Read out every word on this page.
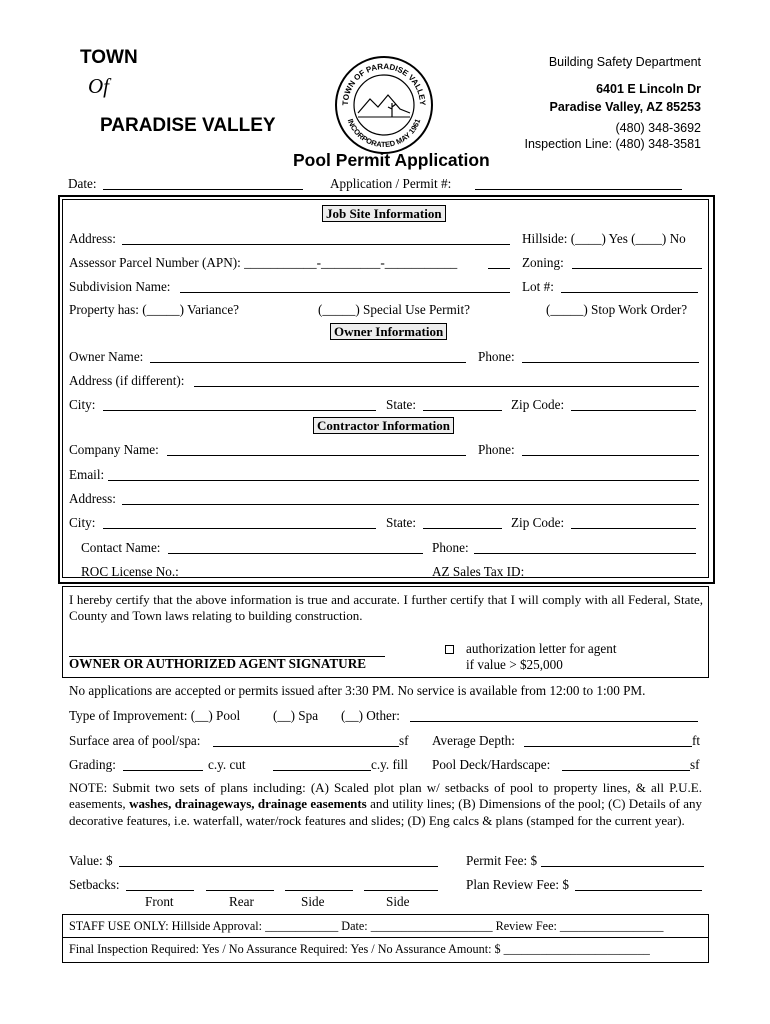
TOWN
Of
PARADISE VALLEY
TOWN OF PARADISE VALLEY
INCORPORATED MAY 1961
Building Safety Department
6401 E Lincoln Dr
Paradise Valley, AZ 85253
(480) 348-3692
Inspection Line: (480) 348-3581
Pool Permit Application
Date:	Application / Permit #:
Job Site Information
Address:	Hillside: (____) Yes (____) No
Assessor Parcel Number (APN): ___________-_________-___________	Zoning:
Subdivision Name:	Lot #:
Property has: (_____) Variance?	(_____) Special Use Permit?	(_____) Stop Work Order?
Owner Information
Owner Name:	Phone:
Address (if different):
City:	State:	Zip Code:
Contractor Information
Company Name:	Phone:
Email:
Address:
City:	State:	Zip Code:
Contact Name:	Phone:
ROC License No.:	AZ Sales Tax ID:
I hereby certify that the above information is true and accurate. I further certify that I will comply with all Federal, State, County and Town laws relating to building construction.
OWNER OR AUTHORIZED AGENT SIGNATURE
authorization letter for agent
if value > $25,000
No applications are accepted or permits issued after 3:30 PM. No service is available from 12:00 to 1:00 PM.
Type of Improvement: (__) Pool (__) Spa (__) Other:
Surface area of pool/spa:	sf Average Depth:	ft
Grading:	c.y. cut	c.y. fill Pool Deck/Hardscape:	sf
NOTE: Submit two sets of plans including: (A) Scaled plot plan w/ setbacks of pool to property lines, & all P.U.E. easements, washes, drainageways, drainage easements and utility lines; (B) Dimensions of the pool; (C) Details of any decorative features, i.e. waterfall, water/rock features and slides; (D) Eng calcs & plans (stamped for the current year).
Value: $	Permit Fee: $
Setbacks:	Plan Review Fee: $
Front	Rear	Side	Side
STAFF USE ONLY: Hillside Approval: ____________ Date: ____________________ Review Fee: _________________
Final Inspection Required: Yes / No Assurance Required: Yes / No Assurance Amount: $ ________________________
